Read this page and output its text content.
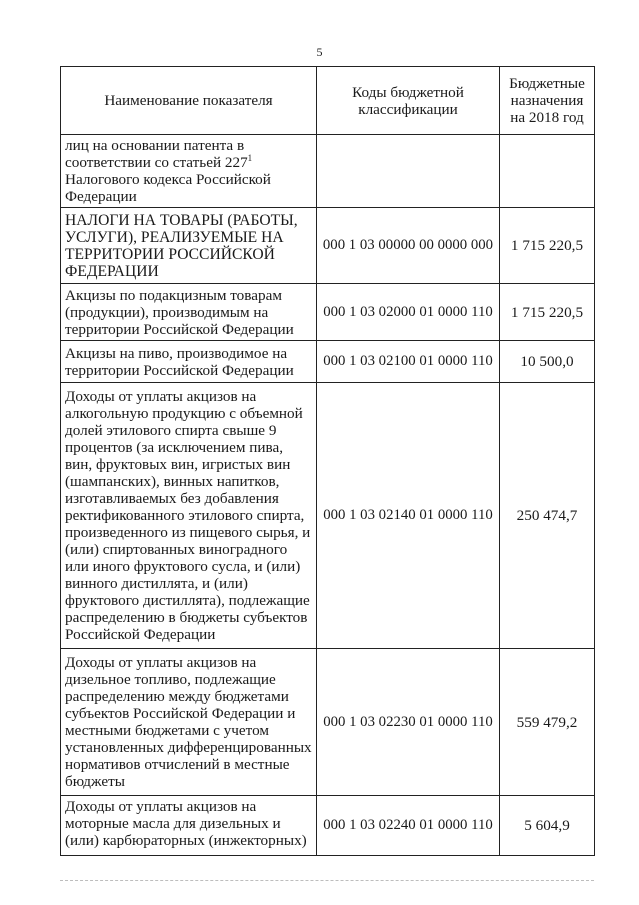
5
Наименование показателя	Коды бюджетной классификации	Бюджетные назначения на 2018 год
лиц на основании патента в соответствии со статьей $227^1$ Налогового кодекса Российской Федерации		
НАЛОГИ НА ТОВАРЫ (РАБОТЫ, УСЛУГИ), РЕАЛИЗУЕМЫЕ НА ТЕРРИТОРИИ РОССИЙСКОЙ ФЕДЕРАЦИИ	000 1 03 00000 00 0000 000	1 715 220,5
Акцизы по подакцизным товарам (продукции), производимым на территории Российской Федерации	000 1 03 02000 01 0000 110	1 715 220,5
Акцизы на пиво, производимое на территории Российской Федерации	000 1 03 02100 01 0000 110	10 500,0
Доходы от уплаты акцизов на алкогольную продукцию с объемной долей этилового спирта свыше 9 процентов (за исключением пива, вин, фруктовых вин, игристых вин (шампанских), винных напитков, изготавливаемых без добавления ректификованного этилового спирта, произведенного из пищевого сырья, и (или) спиртованных виноградного или иного фруктового сусла, и (или) винного дистиллята, и (или) фруктового дистиллята), подлежащие распределению в бюджеты субъектов Российской Федерации	000 1 03 02140 01 0000 110	250 474,7
Доходы от уплаты акцизов на дизельное топливо, подлежащие распределению между бюджетами субъектов Российской Федерации и местными бюджетами с учетом установленных дифференцированных нормативов отчислений в местные бюджеты	000 1 03 02230 01 0000 110	559 479,2
Доходы от уплаты акцизов на моторные масла для дизельных и (или) карбюраторных (инжекторных)	000 1 03 02240 01 0000 110	5 604,9
